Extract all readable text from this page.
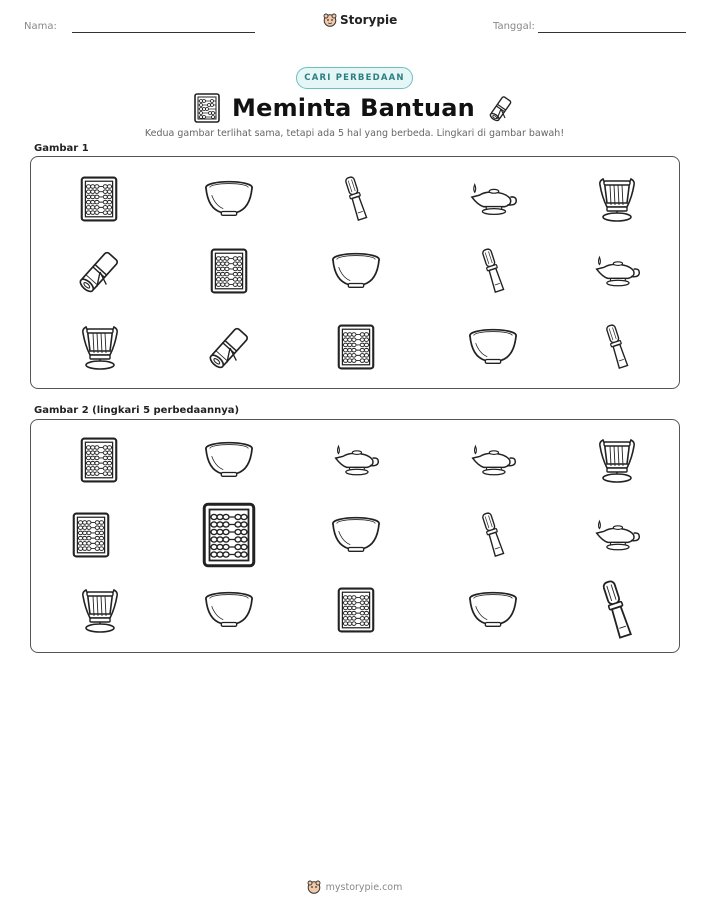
Nama:	Storypie	Tanggal:
CARI PERBEDAAN
Meminta Bantuan

Kedua gambar terlihat sama, tetapi ada 5 hal yang berbeda. Lingkari di gambar bawah!

Gambar 1
Gambar 2 (lingkari 5 perbedaannya)
mystorypie.com
